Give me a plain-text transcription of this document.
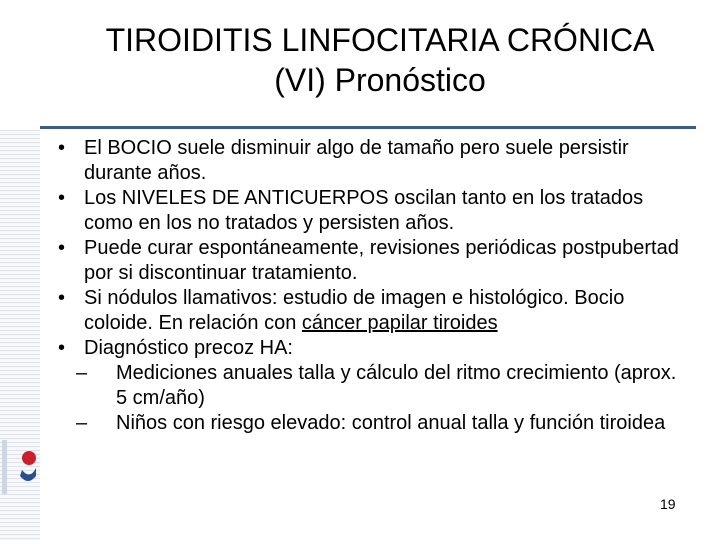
TIROIDITIS LINFOCITARIA CRÓNICA
(VI) Pronóstico

• El BOCIO suele disminuir algo de tamaño pero suele persistir durante años.

• Los NIVELES DE ANTICUERPOS oscilan tanto en los tratados como en los no tratados y persisten años.

• Puede curar espontáneamente, revisiones periódicas postpubertad por si discontinuar tratamiento.

• Si nódulos llamativos: estudio de imagen e histológico. Bocio coloide. En relación con cáncer papilar tiroides

• Diagnóstico precoz HA:

– Mediciones anuales talla y cálculo del ritmo crecimiento (aprox. 5 cm/año)

– Niños con riesgo elevado: control anual talla y función tiroidea

19
